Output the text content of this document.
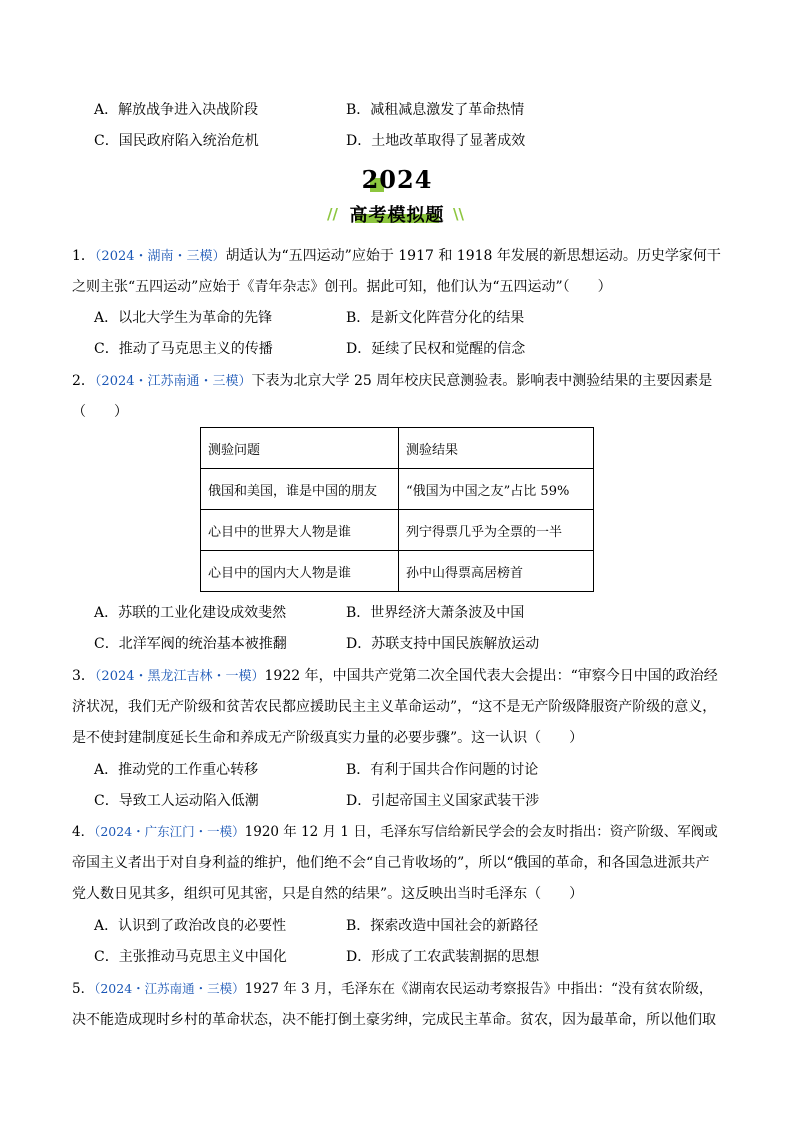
A．解放战争进入决战阶段	B．减租减息激发了革命热情
C．国民政府陷入统治危机	D．土地改革取得了显著成效
2024
//	\\
高考模拟题
1．（2024・湖南・三模）胡适认为“五四运动”应始于 1917 和 1918 年发展的新思想运动。历史学家何干
之则主张“五四运动”应始于《青年杂志》创刊。据此可知，他们认为“五四运动”（　　）
A．以北大学生为革命的先锋	B．是新文化阵营分化的结果
C．推动了马克思主义的传播	D．延续了民权和觉醒的信念
2．（2024・江苏南通・三模）下表为北京大学 25 周年校庆民意测验表。影响表中测验结果的主要因素是
（　　）
测验问题	测验结果
俄国和美国，谁是中国的朋友	“俄国为中国之友”占比 59%
心目中的世界大人物是谁	列宁得票几乎为全票的一半
心目中的国内大人物是谁	孙中山得票高居榜首
A．苏联的工业化建设成效斐然	B．世界经济大萧条波及中国
C．北洋军阀的统治基本被推翻	D．苏联支持中国民族解放运动
3．（2024・黑龙江吉林・一模）1922 年，中国共产党第二次全国代表大会提出：“审察今日中国的政治经
济状况，我们无产阶级和贫苦农民都应援助民主主义革命运动”，“这不是无产阶级降服资产阶级的意义，
是不使封建制度延长生命和养成无产阶级真实力量的必要步骤”。这一认识（　　）
A．推动党的工作重心转移	B．有利于国共合作问题的讨论
C．导致工人运动陷入低潮	D．引起帝国主义国家武装干涉
4．（2024・广东江门・一模）1920 年 12 月 1 日，毛泽东写信给新民学会的会友时指出：资产阶级、军阀或
帝国主义者出于对自身利益的维护，他们绝不会“自己肯收场的”，所以“俄国的革命，和各国急进派共产
党人数日见其多，组织可见其密，只是自然的结果”。这反映出当时毛泽东（　　）
A．认识到了政治改良的必要性	B．探索改造中国社会的新路径
C．主张推动马克思主义中国化	D．形成了工农武装割据的思想
5．（2024・江苏南通・三模）1927 年 3 月，毛泽东在《湖南农民运动考察报告》中指出：“没有贫农阶级，
决不能造成现时乡村的革命状态，决不能打倒土豪劣绅，完成民主革命。贫农，因为最革命，所以他们取
